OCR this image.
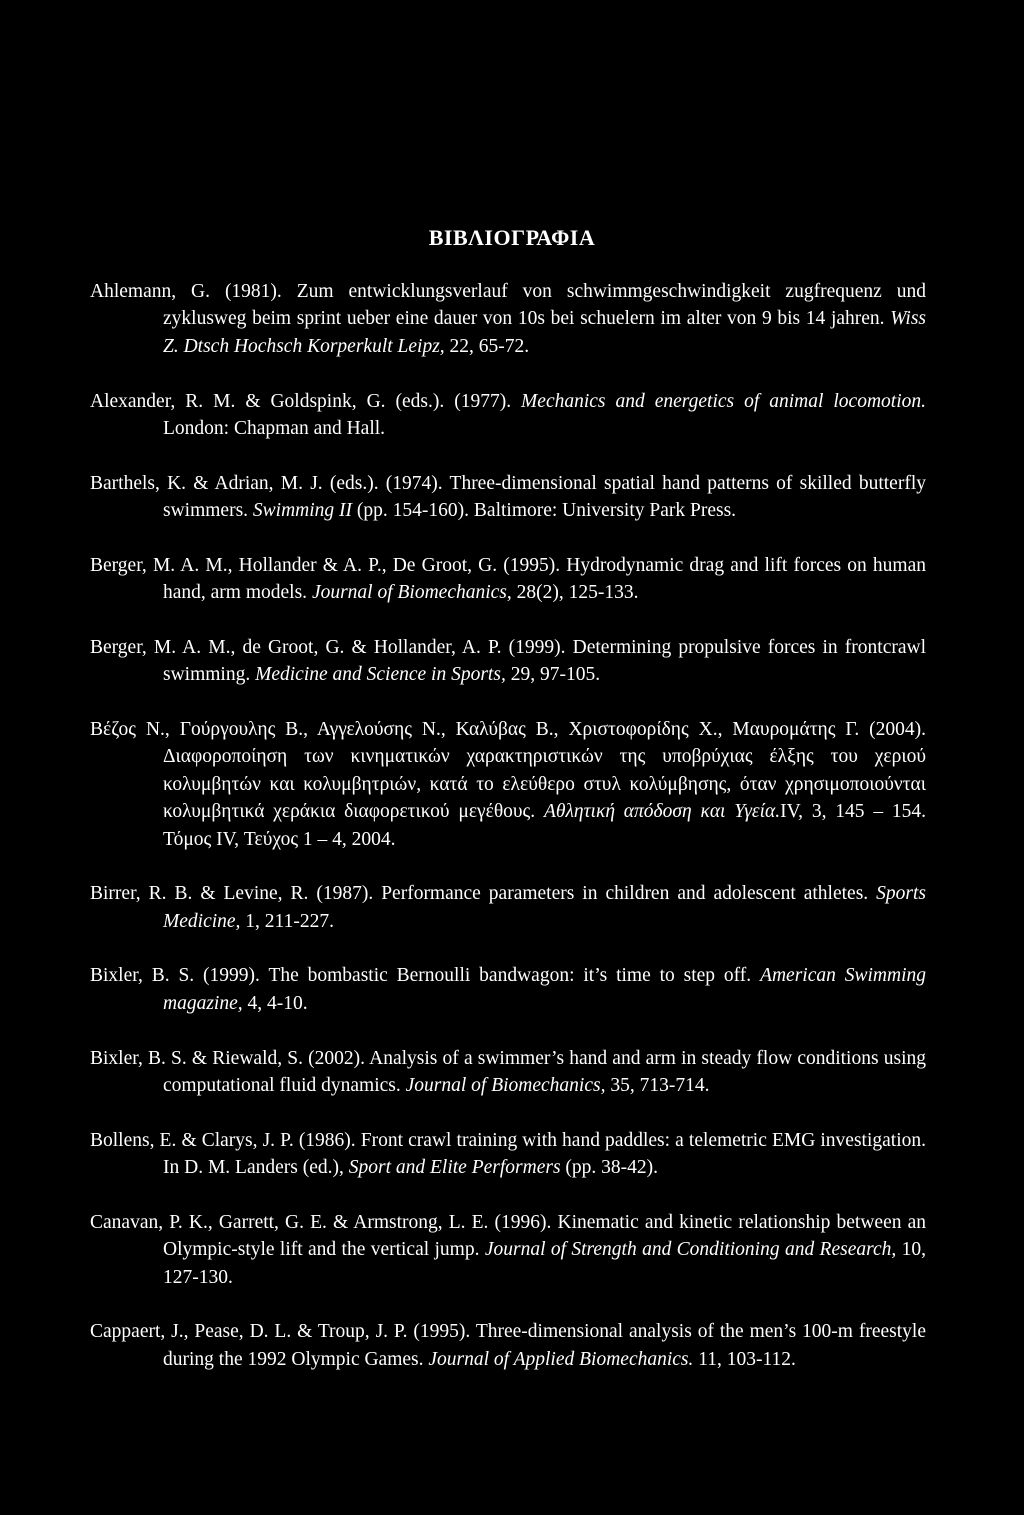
ΒΙΒΛΙΟΓΡΑΦΙΑ
Ahlemann, G. (1981). Zum entwicklungsverlauf von schwimmgeschwindigkeit zugfrequenz und zyklusweg beim sprint ueber eine dauer von 10s bei schuelern im alter von 9 bis 14 jahren. Wiss Z. Dtsch Hochsch Korperkult Leipz, 22, 65-72.
Alexander, R. M. & Goldspink, G. (eds.). (1977). Mechanics and energetics of animal locomotion. London: Chapman and Hall.
Barthels, K. & Adrian, M. J. (eds.). (1974). Three-dimensional spatial hand patterns of skilled butterfly swimmers. Swimming II (pp. 154-160). Baltimore: University Park Press.
Berger, M. A. M., Hollander & A. P., De Groot, G. (1995). Hydrodynamic drag and lift forces on human hand, arm models. Journal of Biomechanics, 28(2), 125-133.
Berger, M. A. M., de Groot, G. & Hollander, A. P. (1999). Determining propulsive forces in frontcrawl swimming. Medicine and Science in Sports, 29, 97-105.
Βέζος Ν., Γούργουλης Β., Αγγελούσης Ν., Καλύβας Β., Χριστοφορίδης Χ., Μαυρομάτης Γ. (2004). Διαφοροποίηση των κινηματικών χαρακτηριστικών της υποβρύχιας έλξης του χεριού κολυμβητών και κολυμβητριών, κατά το ελεύθερο στυλ κολύμβησης, όταν χρησιμοποιούνται κολυμβητικά χεράκια διαφορετικού μεγέθους. Αθλητική απόδοση και Υγεία.IV, 3, 145 – 154. Τόμος IV, Τεύχος 1 – 4, 2004.
Birrer, R. B. & Levine, R. (1987). Performance parameters in children and adolescent athletes. Sports Medicine, 1, 211-227.
Bixler, B. S. (1999). The bombastic Bernoulli bandwagon: it’s time to step off. American Swimming magazine, 4, 4-10.
Bixler, B. S. & Riewald, S. (2002). Analysis of a swimmer’s hand and arm in steady flow conditions using computational fluid dynamics. Journal of Biomechanics, 35, 713-714.
Bollens, E. & Clarys, J. P. (1986). Front crawl training with hand paddles: a telemetric EMG investigation. In D. M. Landers (ed.), Sport and Elite Performers (pp. 38-42).
Canavan, P. K., Garrett, G. E. & Armstrong, L. E. (1996). Kinematic and kinetic relationship between an Olympic-style lift and the vertical jump. Journal of Strength and Conditioning and Research, 10, 127-130.
Cappaert, J., Pease, D. L. & Troup, J. P. (1995). Three-dimensional analysis of the men’s 100-m freestyle during the 1992 Olympic Games. Journal of Applied Biomechanics. 11, 103-112.
